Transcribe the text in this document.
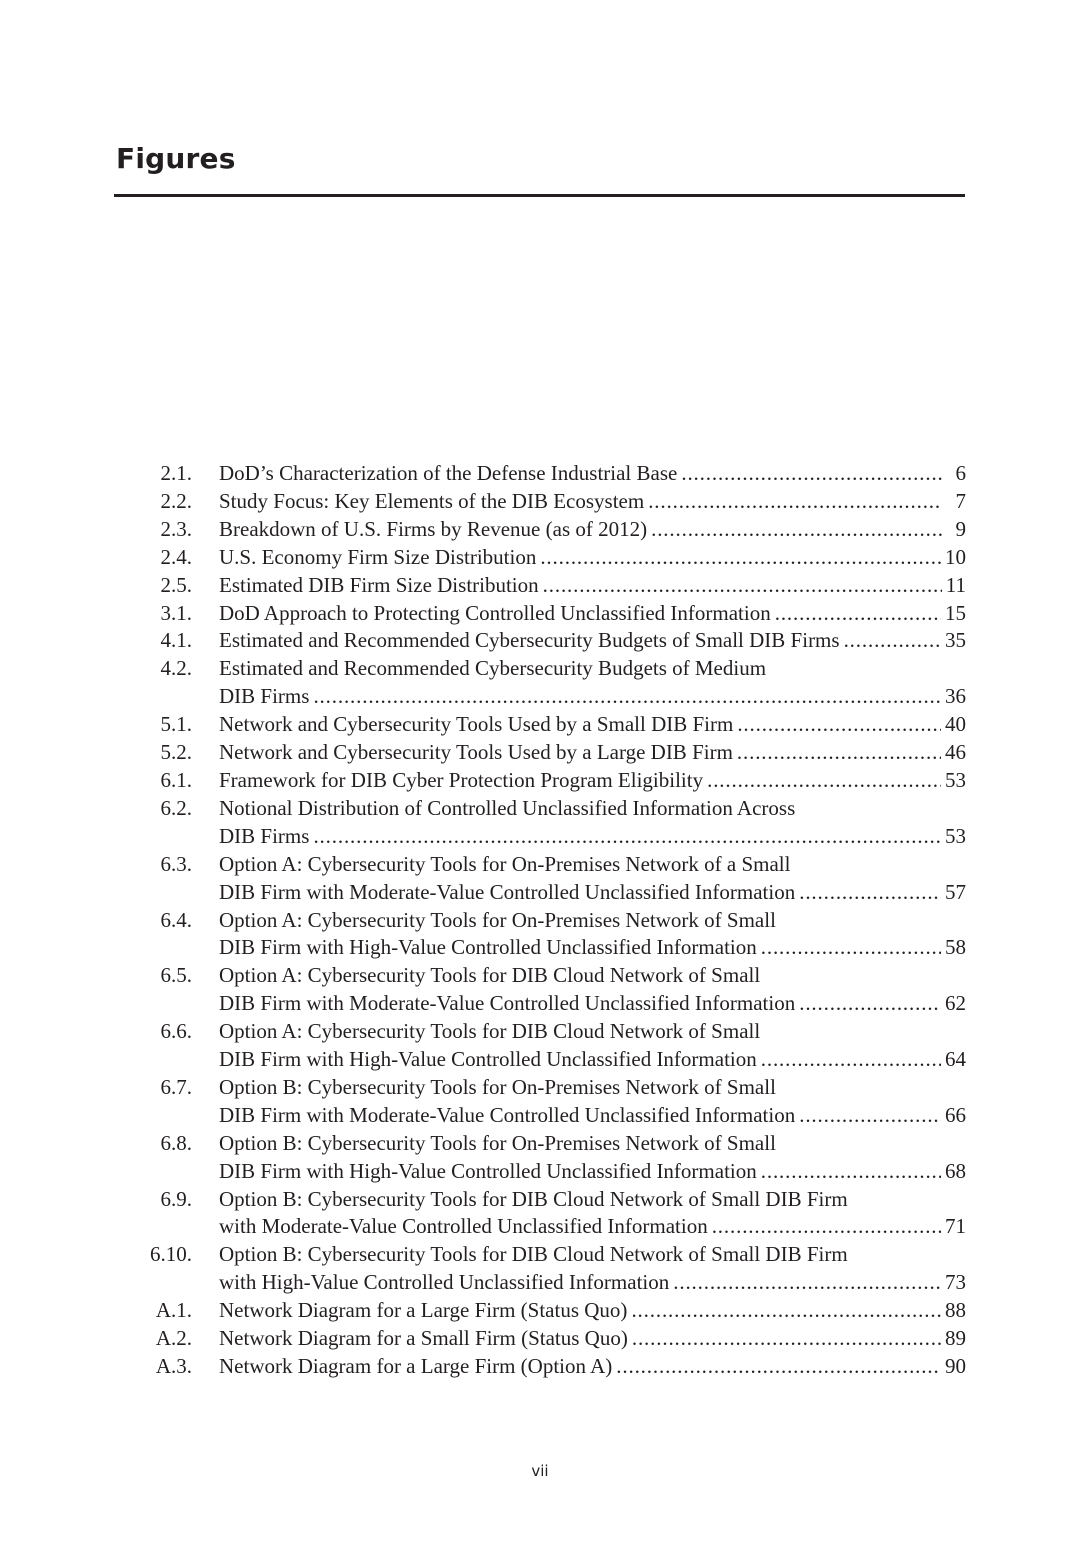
Figures
2.1. DoD’s Characterization of the Defense Industrial Base . . .	6
2.2. Study Focus: Key Elements of the DIB Ecosystem . . .	7
2.3. Breakdown of U.S. Firms by Revenue (as of 2012) . . .	9
2.4. U.S. Economy Firm Size Distribution . . .	10
2.5. Estimated DIB Firm Size Distribution . . .	11
3.1. DoD Approach to Protecting Controlled Unclassified Information . . .	15
4.1. Estimated and Recommended Cybersecurity Budgets of Small DIB Firms . . .	35
4.2. Estimated and Recommended Cybersecurity Budgets of Medium
DIB Firms . . .	36
5.1. Network and Cybersecurity Tools Used by a Small DIB Firm . . .	40
5.2. Network and Cybersecurity Tools Used by a Large DIB Firm . . .	46
6.1. Framework for DIB Cyber Protection Program Eligibility . . .	53
6.2. Notional Distribution of Controlled Unclassified Information Across
DIB Firms . . .	53
6.3. Option A: Cybersecurity Tools for On-Premises Network of a Small
DIB Firm with Moderate-Value Controlled Unclassified Information . . .	57
6.4. Option A: Cybersecurity Tools for On-Premises Network of Small
DIB Firm with High-Value Controlled Unclassified Information . . .	58
6.5. Option A: Cybersecurity Tools for DIB Cloud Network of Small
DIB Firm with Moderate-Value Controlled Unclassified Information . . .	62
6.6. Option A: Cybersecurity Tools for DIB Cloud Network of Small
DIB Firm with High-Value Controlled Unclassified Information . . .	64
6.7. Option B: Cybersecurity Tools for On-Premises Network of Small
DIB Firm with Moderate-Value Controlled Unclassified Information . . .	66
6.8. Option B: Cybersecurity Tools for On-Premises Network of Small
DIB Firm with High-Value Controlled Unclassified Information . . .	68
6.9. Option B: Cybersecurity Tools for DIB Cloud Network of Small DIB Firm
with Moderate-Value Controlled Unclassified Information . . .	71
6.10. Option B: Cybersecurity Tools for DIB Cloud Network of Small DIB Firm
with High-Value Controlled Unclassified Information . . .	73
A.1. Network Diagram for a Large Firm (Status Quo) . . .	88
A.2. Network Diagram for a Small Firm (Status Quo) . . .	89
A.3. Network Diagram for a Large Firm (Option A) . . .	90
vii
